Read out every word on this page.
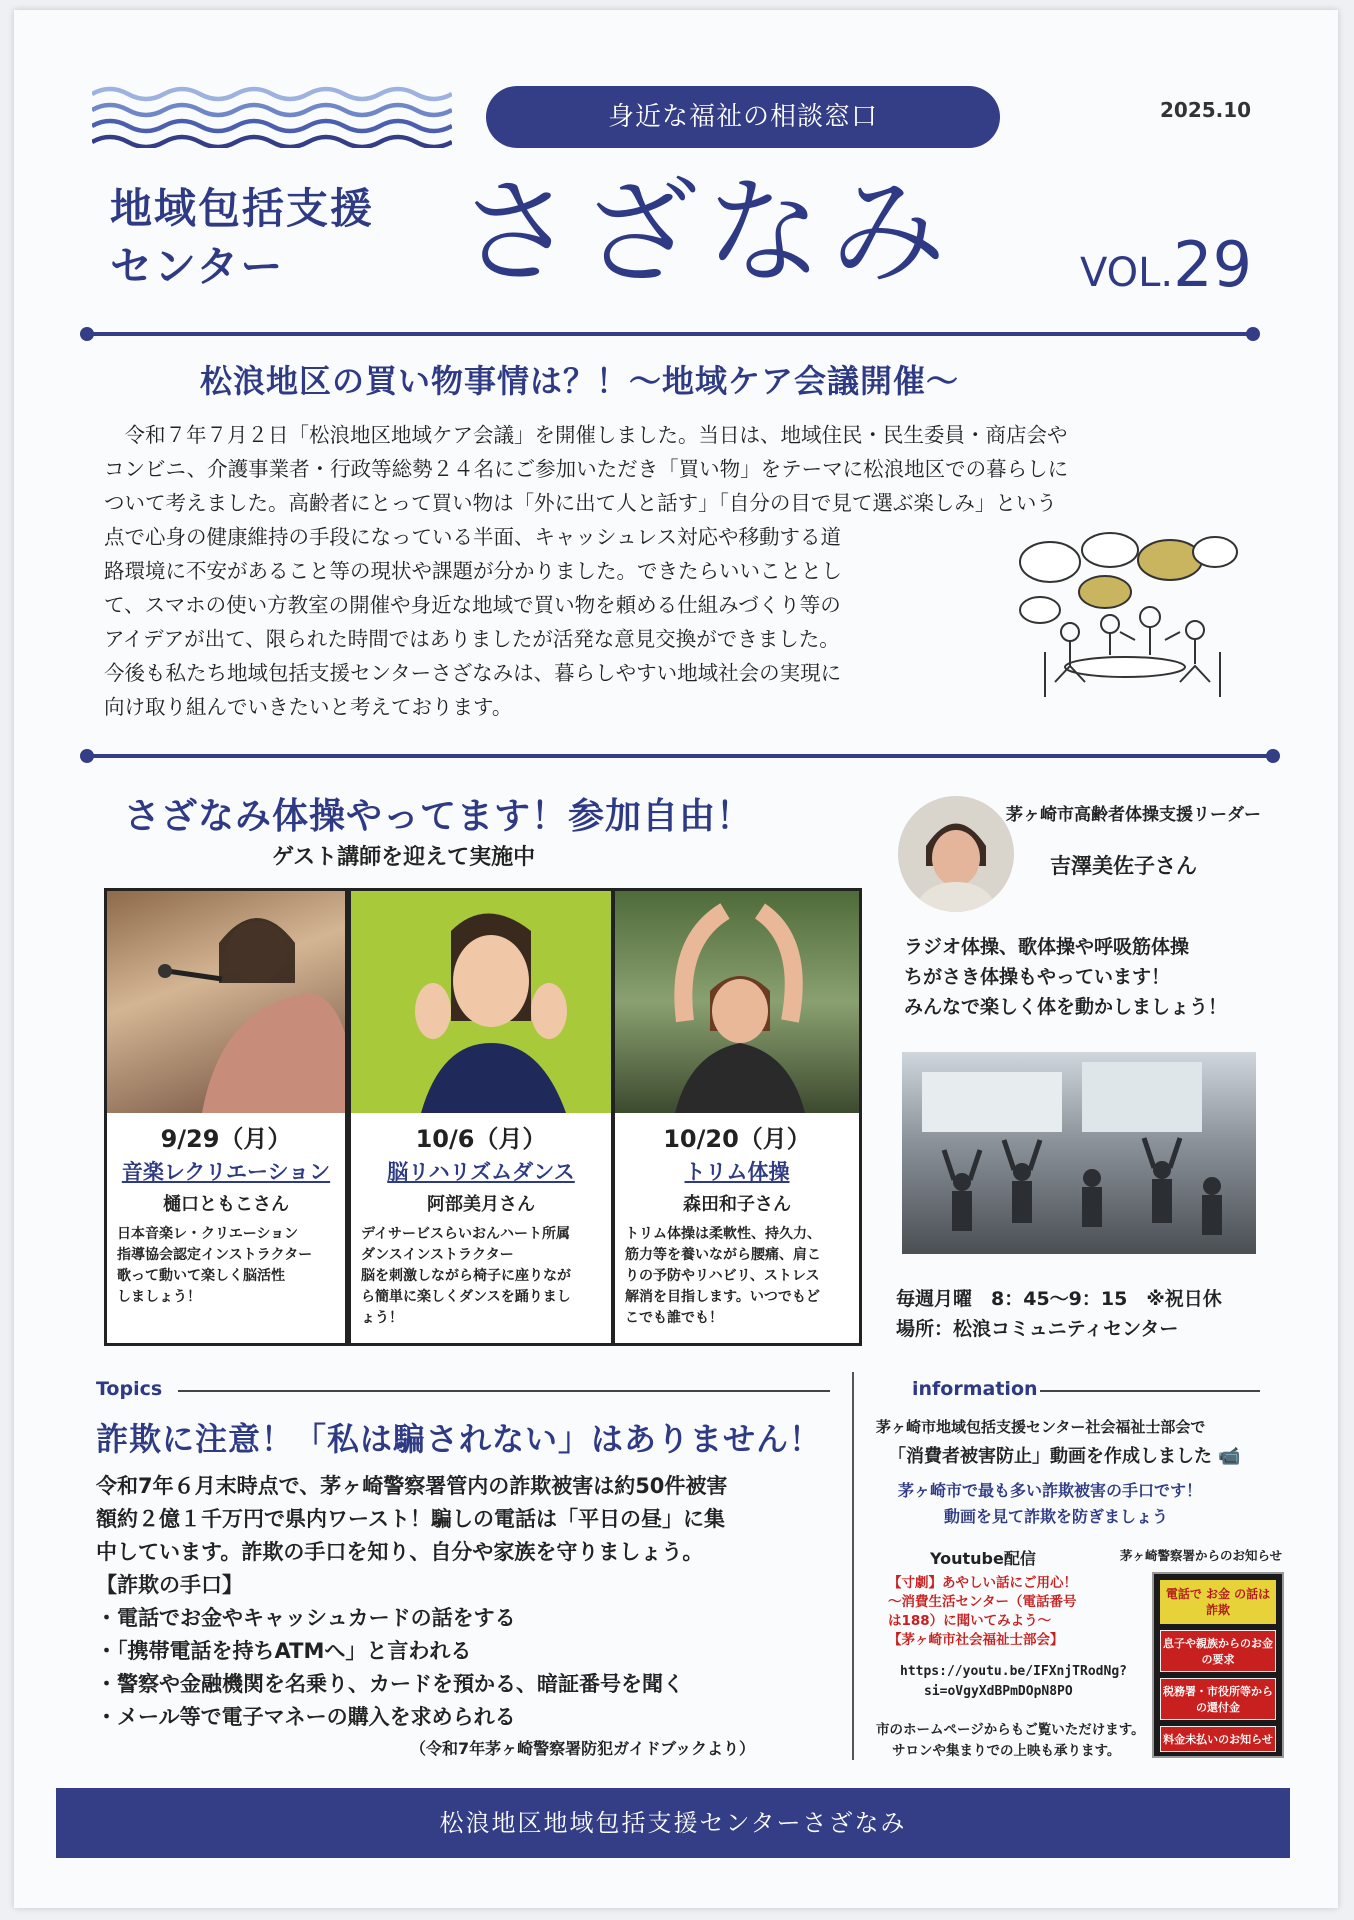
身近な福祉の相談窓口	2025.10
地域包括支援
センター	さざなみ	VOL.29
松浪地区の買い物事情は？！～地域ケア会議開催～
　令和７年７月２日「松浪地区地域ケア会議」を開催しました。当日は、地域住民・民生委員・商店会や
コンビニ、介護事業者・行政等総勢２４名にご参加いただき「買い物」をテーマに松浪地区での暮らしに
ついて考えました。高齢者にとって買い物は「外に出て人と話す」「自分の目で見て選ぶ楽しみ」という
点で心身の健康維持の手段になっている半面、キャッシュレス対応や移動する道
路環境に不安があること等の現状や課題が分かりました。できたらいいこととし
て、スマホの使い方教室の開催や身近な地域で買い物を頼める仕組みづくり等の
アイデアが出て、限られた時間ではありましたが活発な意見交換ができました。
今後も私たち地域包括支援センターさざなみは、暮らしやすい地域社会の実現に
向け取り組んでいきたいと考えております。
さざなみ体操やってます！参加自由！
ゲスト講師を迎えて実施中
9/29（月）
音楽レクリエーション
樋口ともこさん
日本音楽レ・クリエーション
指導協会認定インストラクター
歌って動いて楽しく脳活性
しましょう！
10/6（月）
脳リハリズムダンス
阿部美月さん
デイサービスらいおんハート所属
ダンスインストラクター
脳を刺激しながら椅子に座りなが
ら簡単に楽しくダンスを踊りまし
ょう！
10/20（月）
トリム体操
森田和子さん
トリム体操は柔軟性、持久力、
筋力等を養いながら腰痛、肩こ
りの予防やリハビリ、ストレス
解消を目指します。いつでもど
こでも誰でも！
茅ヶ崎市高齢者体操支援リーダー
吉澤美佐子さん
ラジオ体操、歌体操や呼吸筋体操
ちがさき体操もやっています！
みんなで楽しく体を動かしましょう！
毎週月曜　8：45～9：15　※祝日休
場所：松浪コミュニティセンター
Topics
詐欺に注意！「私は騙されない」はありません！
令和7年６月末時点で、茅ヶ崎警察署管内の詐欺被害は約50件被害
額約２億１千万円で県内ワースト！騙しの電話は「平日の昼」に集
中しています。詐欺の手口を知り、自分や家族を守りましょう。
【詐欺の手口】
・電話でお金やキャッシュカードの話をする
・「携帯電話を持ちATMへ」と言われる
・警察や金融機関を名乗り、カードを預かる、暗証番号を聞く
・メール等で電子マネーの購入を求められる
（令和7年茅ヶ崎警察署防犯ガイドブックより）
information
茅ヶ崎市地域包括支援センター社会福祉士部会で
「消費者被害防止」動画を作成しました 📹
茅ヶ崎市で最も多い詐欺被害の手口です！
動画を見て詐欺を防ぎましょう
Youtube配信
【寸劇】あやしい話にご用心！
～消費生活センター（電話番号
は188）に聞いてみよう～
【茅ヶ崎市社会福祉士部会】
https://youtu.be/IFXnjTRodNg?
si=oVgyXdBPmDOpN8PO
市のホームページからもご覧いただけます。
サロンや集まりでの上映も承ります。
茅ヶ崎警察署からのお知らせ
電話で お金 の話は詐欺
息子や親族からのお金の要求
税務署・市役所等からの還付金
料金未払いのお知らせ
松浪地区地域包括支援センターさざなみ
